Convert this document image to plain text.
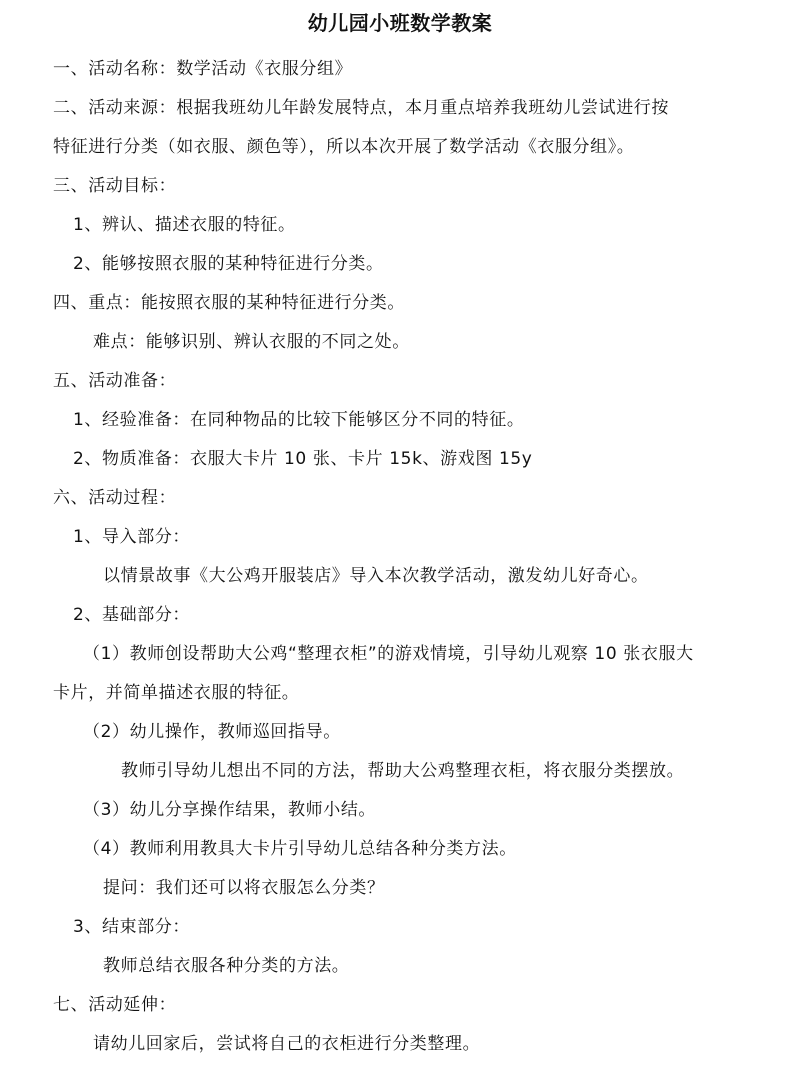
幼儿园小班数学教案

一、活动名称：数学活动《衣服分组》

二、活动来源：根据我班幼儿年龄发展特点，本月重点培养我班幼儿尝试进行按

特征进行分类（如衣服、颜色等），所以本次开展了数学活动《衣服分组》。

三、活动目标：

1、辨认、描述衣服的特征。

2、能够按照衣服的某种特征进行分类。

四、重点：能按照衣服的某种特征进行分类。

难点：能够识别、辨认衣服的不同之处。

五、活动准备：

1、经验准备：在同种物品的比较下能够区分不同的特征。

2、物质准备：衣服大卡片 10 张、卡片 15k、游戏图 15y

六、活动过程：

1、导入部分：

以情景故事《大公鸡开服装店》导入本次教学活动，激发幼儿好奇心。

2、基础部分：

（1）教师创设帮助大公鸡“整理衣柜”的游戏情境，引导幼儿观察 10 张衣服大

卡片，并简单描述衣服的特征。

（2）幼儿操作，教师巡回指导。

教师引导幼儿想出不同的方法，帮助大公鸡整理衣柜，将衣服分类摆放。

（3）幼儿分享操作结果，教师小结。

（4）教师利用教具大卡片引导幼儿总结各种分类方法。

提问：我们还可以将衣服怎么分类？

3、结束部分：

教师总结衣服各种分类的方法。

七、活动延伸：

请幼儿回家后，尝试将自己的衣柜进行分类整理。
